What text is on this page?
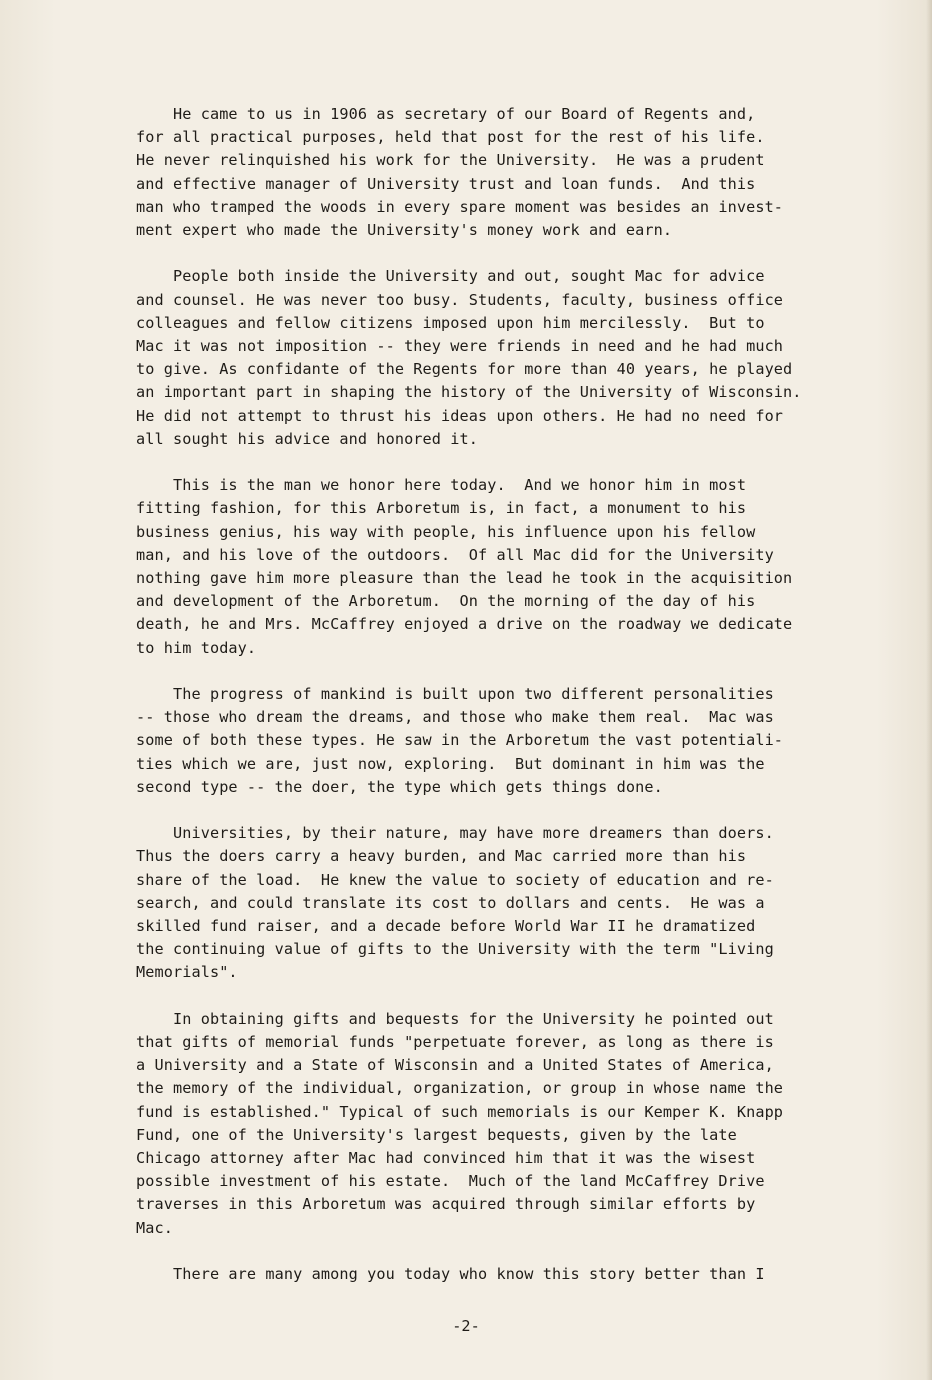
He came to us in 1906 as secretary of our Board of Regents and,
for all practical purposes, held that post for the rest of his life.
He never relinquished his work for the University.  He was a prudent
and effective manager of University trust and loan funds.  And this
man who tramped the woods in every spare moment was besides an invest-
ment expert who made the University's money work and earn.

People both inside the University and out, sought Mac for advice
and counsel. He was never too busy. Students, faculty, business office
colleagues and fellow citizens imposed upon him mercilessly.  But to
Mac it was not imposition -- they were friends in need and he had much
to give. As confidante of the Regents for more than 40 years, he played
an important part in shaping the history of the University of Wisconsin.
He did not attempt to thrust his ideas upon others. He had no need for
all sought his advice and honored it.

This is the man we honor here today.  And we honor him in most
fitting fashion, for this Arboretum is, in fact, a monument to his
business genius, his way with people, his influence upon his fellow
man, and his love of the outdoors.  Of all Mac did for the University
nothing gave him more pleasure than the lead he took in the acquisition
and development of the Arboretum.  On the morning of the day of his
death, he and Mrs. McCaffrey enjoyed a drive on the roadway we dedicate
to him today.

The progress of mankind is built upon two different personalities
-- those who dream the dreams, and those who make them real.  Mac was
some of both these types. He saw in the Arboretum the vast potentiali-
ties which we are, just now, exploring.  But dominant in him was the
second type -- the doer, the type which gets things done.

Universities, by their nature, may have more dreamers than doers.
Thus the doers carry a heavy burden, and Mac carried more than his
share of the load.  He knew the value to society of education and re-
search, and could translate its cost to dollars and cents.  He was a
skilled fund raiser, and a decade before World War II he dramatized
the continuing value of gifts to the University with the term "Living
Memorials".

In obtaining gifts and bequests for the University he pointed out
that gifts of memorial funds "perpetuate forever, as long as there is
a University and a State of Wisconsin and a United States of America,
the memory of the individual, organization, or group in whose name the
fund is established." Typical of such memorials is our Kemper K. Knapp
Fund, one of the University's largest bequests, given by the late
Chicago attorney after Mac had convinced him that it was the wisest
possible investment of his estate.  Much of the land McCaffrey Drive
traverses in this Arboretum was acquired through similar efforts by
Mac.

There are many among you today who know this story better than I

-2-
